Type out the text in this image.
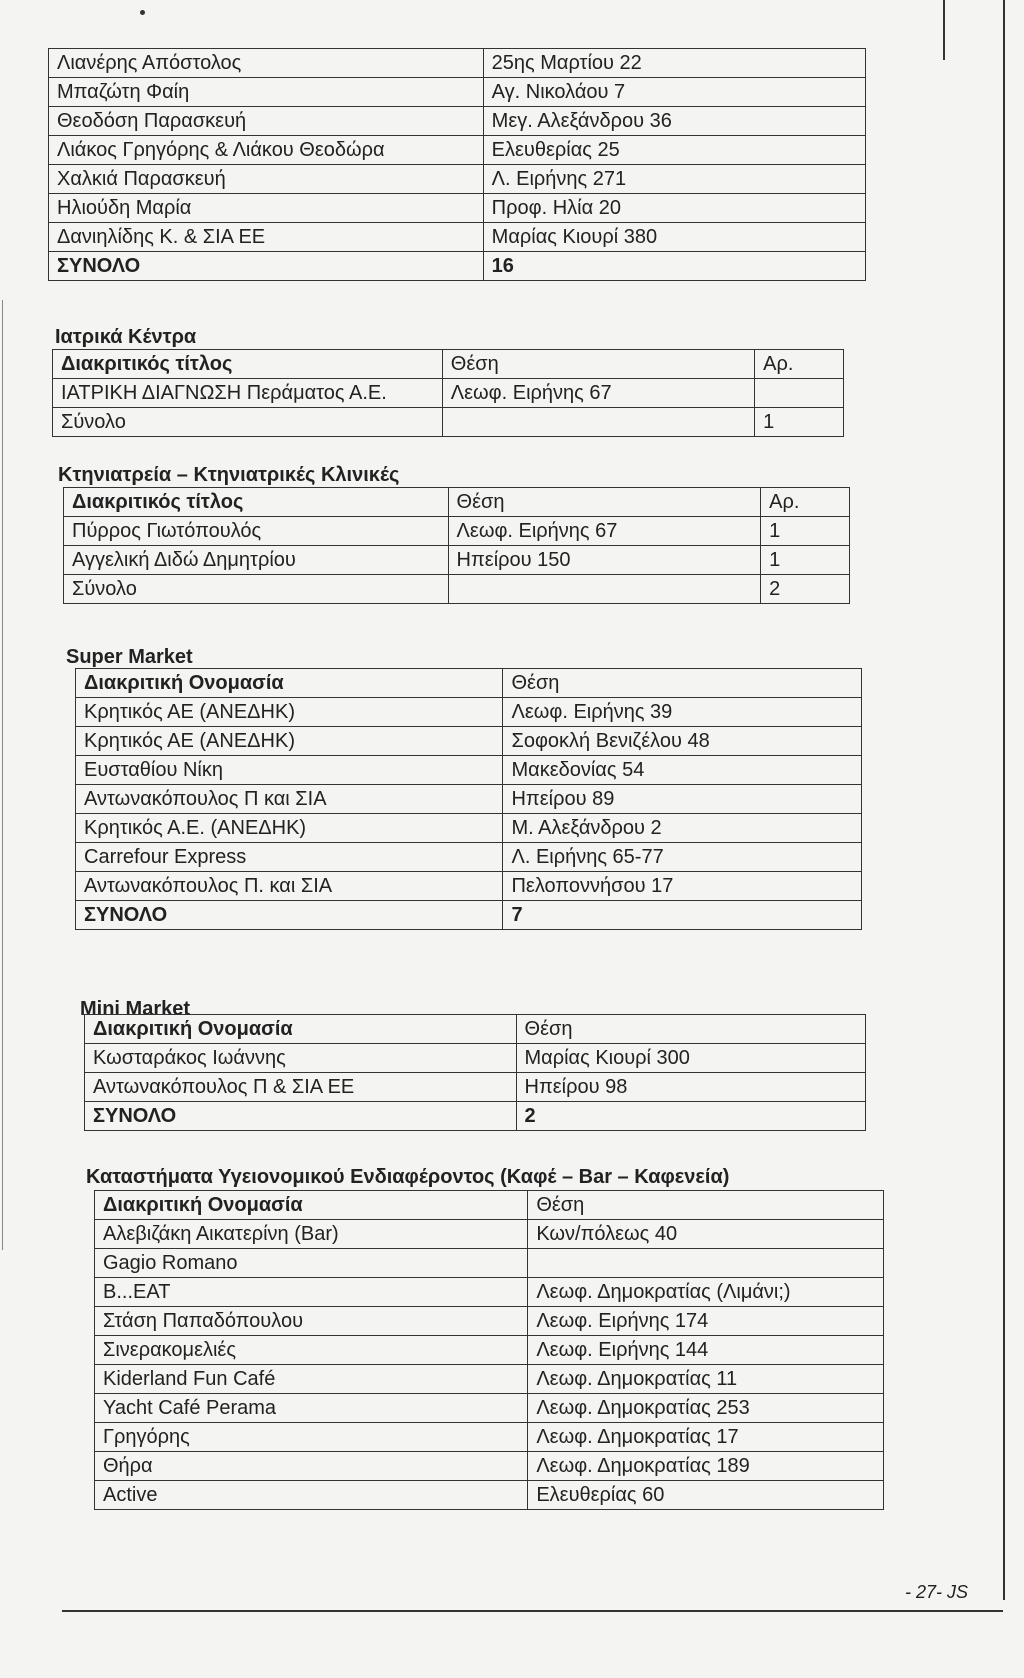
Λιανέρης Απόστολος	25ης Μαρτίου 22
Μπαζώτη Φαίη	Αγ. Νικολάου 7
Θεοδόση Παρασκευή	Μεγ. Αλεξάνδρου 36
Λιάκος Γρηγόρης & Λιάκου Θεοδώρα	Ελευθερίας 25
Χαλκιά Παρασκευή	Λ. Ειρήνης 271
Ηλιούδη Μαρία	Προφ. Ηλία 20
Δανιηλίδης Κ. & ΣΙΑ ΕΕ	Μαρίας Κιουρί 380
ΣΥΝΟΛΟ	16
Ιατρικά Κέντρα
Διακριτικός τίτλος	Θέση	Αρ.
ΙΑΤΡΙΚΗ ΔΙΑΓΝΩΣΗ Περάματος Α.Ε.	Λεωφ. Ειρήνης 67	
Σύνολο		1
Κτηνιατρεία – Κτηνιατρικές Κλινικές
Διακριτικός τίτλος	Θέση	Αρ.
Πύρρος Γιωτόπουλός	Λεωφ. Ειρήνης 67	1
Αγγελική Διδώ Δημητρίου	Ηπείρου 150	1
Σύνολο		2
Super Market
Διακριτική Ονομασία	Θέση
Κρητικός ΑΕ (ΑΝΕΔΗΚ)	Λεωφ. Ειρήνης 39
Κρητικός ΑΕ (ΑΝΕΔΗΚ)	Σοφοκλή Βενιζέλου 48
Ευσταθίου Νίκη	Μακεδονίας 54
Αντωνακόπουλος Π και ΣΙΑ	Ηπείρου 89
Κρητικός Α.Ε. (ΑΝΕΔΗΚ)	Μ. Αλεξάνδρου 2
Carrefour Express	Λ. Ειρήνης 65-77
Αντωνακόπουλος Π. και ΣΙΑ	Πελοποννήσου 17
ΣΥΝΟΛΟ	7
Mini Market
Διακριτική Ονομασία	Θέση
Κωσταράκος Ιωάννης	Μαρίας Κιουρί 300
Αντωνακόπουλος Π & ΣΙΑ ΕΕ	Ηπείρου 98
ΣΥΝΟΛΟ	2
Καταστήματα Υγειονομικού Ενδιαφέροντος (Καφέ – Bar – Καφενεία)
Διακριτική Ονομασία	Θέση
Αλεβιζάκη Αικατερίνη (Bar)	Κων/πόλεως 40
Gagio Romano	
B...EAT	Λεωφ. Δημοκρατίας (Λιμάνι;)
Στάση Παπαδόπουλου	Λεωφ. Ειρήνης 174
Σινερακομελιές	Λεωφ. Ειρήνης 144
Kiderland Fun Café	Λεωφ. Δημοκρατίας 11
Yacht Café Perama	Λεωφ. Δημοκρατίας 253
Γρηγόρης	Λεωφ. Δημοκρατίας 17
Θήρα	Λεωφ. Δημοκρατίας 189
Active	Ελευθερίας 60
- 27- JS
